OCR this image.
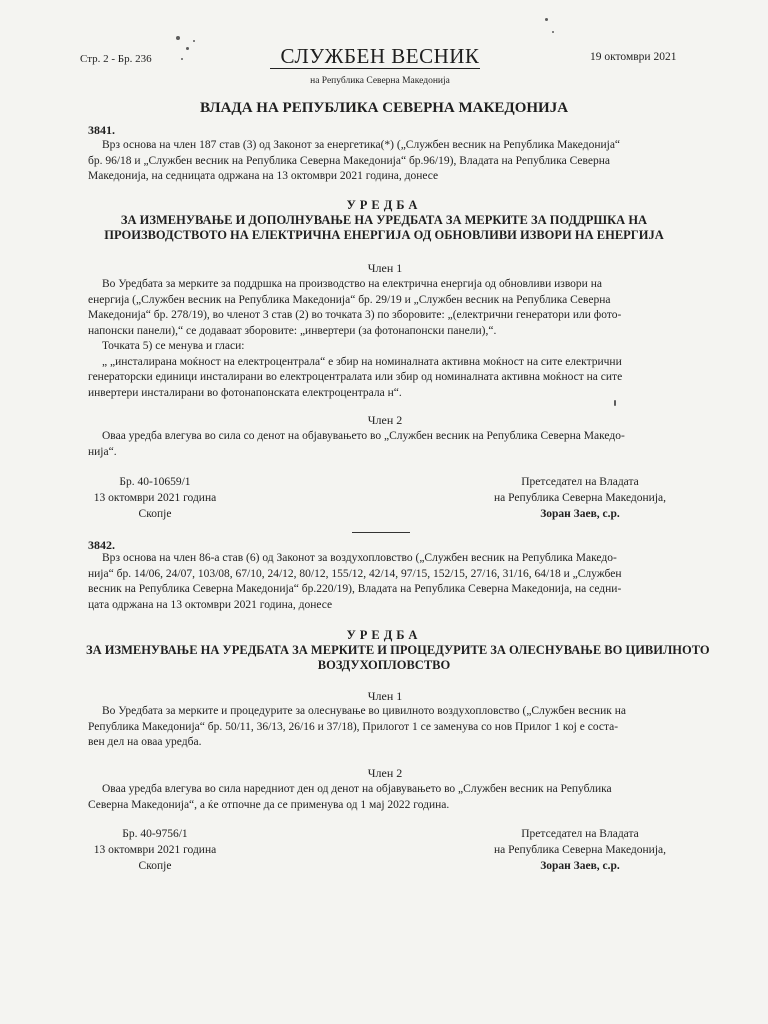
Стр. 2 - Бр. 236	СЛУЖБЕН ВЕСНИК
на Република Северна Македонија
19 октомври 2021
ВЛАДА НА РЕПУБЛИКА СЕВЕРНА МАКЕДОНИЈА
3841.
Врз основа на член 187 став (3) од Законот за енергетика(*) („Службен весник на Република Македонија“
бр. 96/18 и „Службен весник на Република Северна Македонија“ бр.96/19), Владата на Република Северна
Македонија, на седницата одржана на 13 октомври 2021 година, донесе
УРЕДБА
ЗА ИЗМЕНУВАЊЕ И ДОПОЛНУВАЊЕ НА УРЕДБАТА ЗА МЕРКИТЕ ЗА ПОДДРШКА НА
ПРОИЗВОДСТВОТО НА ЕЛЕКТРИЧНА ЕНЕРГИЈА ОД ОБНОВЛИВИ ИЗВОРИ НА ЕНЕРГИЈА
Член 1
Во Уредбата за мерките за поддршка на производство на електрична енергија од обновливи извори на
енергија („Службен весник на Република Македонија“ бр. 29/19 и „Службен весник на Република Северна
Македонија“ бр. 278/19), во членот 3 став (2) во точката 3) по зборовите: „(електрични генератори или фото-
напонски панели),“ се додаваат зборовите: „инвертери (за фотонапонски панели),“.
Точката 5) се менува и гласи:
„ „инсталирана моќност на електроцентрала“ е збир на номиналната активна моќност на сите електрични
генераторски единици инсталирани во електроцентралата или збир од номиналната активна моќност на сите
инвертери инсталирани во фотонапонската електроцентрала н“.
Член 2
Оваа уредба влегува во сила со денот на објавувањето во „Службен весник на Република Северна Македо-
нија“.
Бр. 40-10659/1
13 октомври 2021 година
Скопје
Претседател на Владата
на Република Северна Македонија,
Зоран Заев, с.р.
3842.
Врз основа на член 86-а став (6) од Законот за воздухопловство („Службен весник на Република Македо-
нија“ бр. 14/06, 24/07, 103/08, 67/10, 24/12, 80/12, 155/12, 42/14, 97/15, 152/15, 27/16, 31/16, 64/18 и „Службен
весник на Република Северна Македонија“ бр.220/19), Владата на Република Северна Македонија, на седни-
цата одржана на 13 октомври 2021 година, донесе
УРЕДБА
ЗА ИЗМЕНУВАЊЕ НА УРЕДБАТА ЗА МЕРКИТЕ И ПРОЦЕДУРИТЕ ЗА ОЛЕСНУВАЊЕ ВО ЦИВИЛНОТО
ВОЗДУХОПЛОВСТВО
Член 1
Во Уредбата за мерките и процедурите за олеснување во цивилното воздухопловство („Службен весник на
Република Македонија“ бр. 50/11, 36/13, 26/16 и 37/18), Прилогот 1 се заменува со нов Прилог 1 кој е соста-
вен дел на оваа уредба.
Член 2
Оваа уредба влегува во сила наредниот ден од денот на објавувањето во „Службен весник на Република
Северна Македонија“, а ќе отпочне да се применува од 1 мај 2022 година.
Бр. 40-9756/1
13 октомври 2021 година
Скопје
Претседател на Владата
на Република Северна Македонија,
Зоран Заев, с.р.
